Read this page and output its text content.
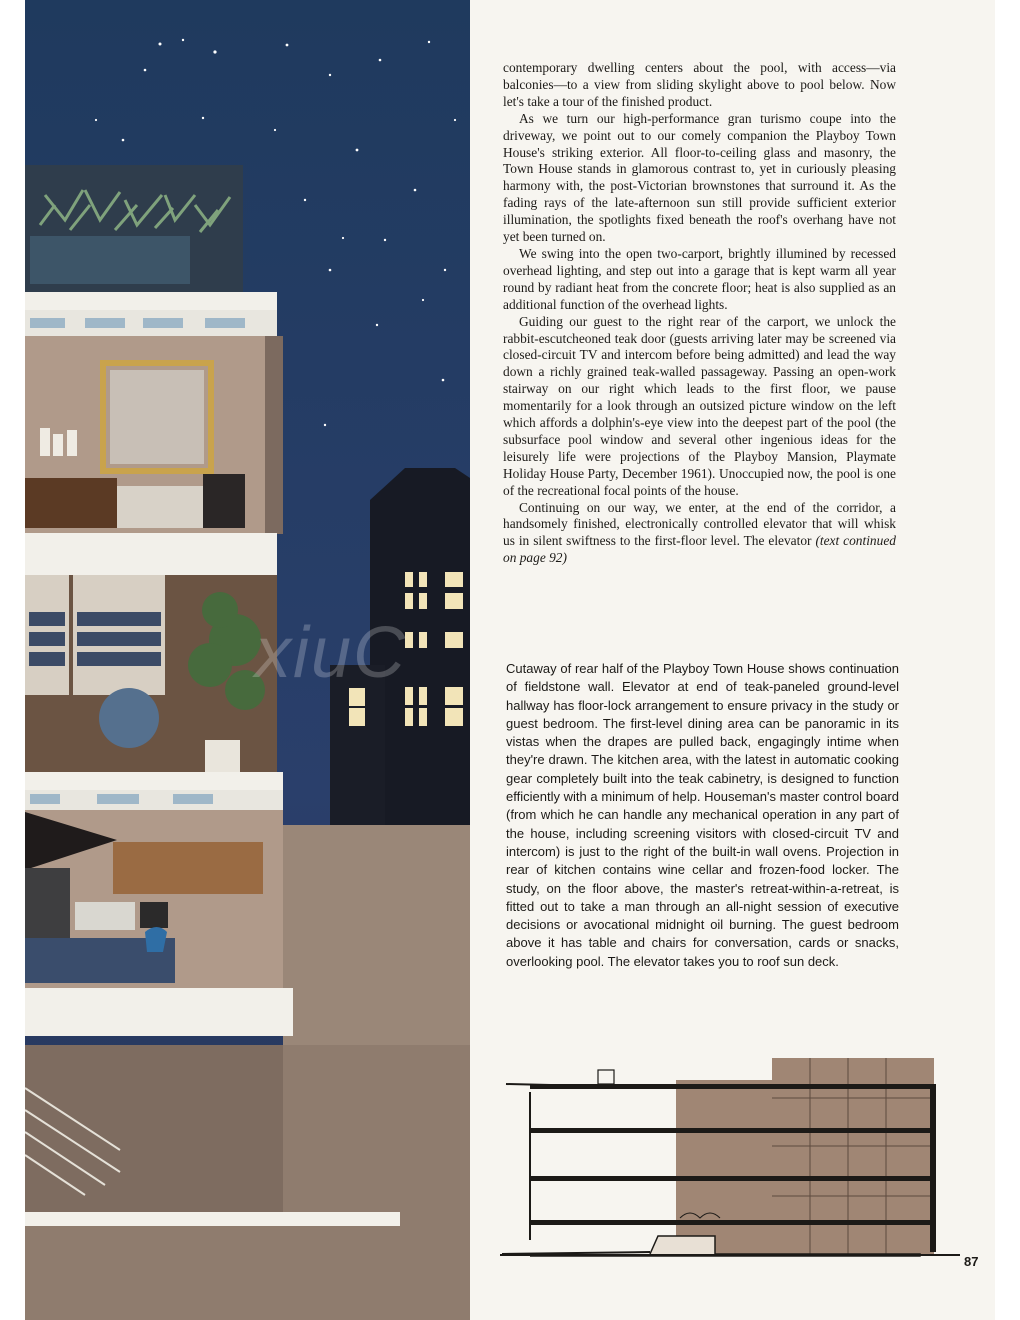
xiuC

contemporary dwelling centers about the pool, with access—via balconies—to a view from sliding skylight above to pool below. Now let's take a tour of the finished product.

As we turn our high-performance gran turismo coupe into the driveway, we point out to our comely companion the Playboy Town House's striking exterior. All floor-to-ceiling glass and masonry, the Town House stands in glamorous contrast to, yet in curiously pleasing harmony with, the post-Victorian brownstones that surround it. As the fading rays of the late-afternoon sun still provide sufficient exterior illumination, the spotlights fixed beneath the roof's overhang have not yet been turned on.

We swing into the open two-carport, brightly illumined by recessed overhead lighting, and step out into a garage that is kept warm all year round by radiant heat from the concrete floor; heat is also supplied as an additional function of the overhead lights.

Guiding our guest to the right rear of the carport, we unlock the rabbit-escutcheoned teak door (guests arriving later may be screened via closed-circuit TV and intercom before being admitted) and lead the way down a richly grained teak-walled passageway. Passing an open-work stairway on our right which leads to the first floor, we pause momentarily for a look through an outsized picture window on the left which affords a dolphin's-eye view into the deepest part of the pool (the subsurface pool window and several other ingenious ideas for the leisurely life were projections of the Playboy Mansion, Playmate Holiday House Party, December 1961). Unoccupied now, the pool is one of the recreational focal points of the house.

Continuing on our way, we enter, at the end of the corridor, a handsomely finished, electronically controlled elevator that will whisk us in silent swiftness to the first-floor level. The elevator (text continued on page 92)

Cutaway of rear half of the Playboy Town House shows continuation of fieldstone wall. Elevator at end of teak-paneled ground-level hallway has floor-lock arrangement to ensure privacy in the study or guest bedroom. The first-level dining area can be panoramic in its vistas when the drapes are pulled back, engagingly intime when they're drawn. The kitchen area, with the latest in automatic cooking gear completely built into the teak cabinetry, is designed to function efficiently with a minimum of help. Houseman's master control board (from which he can handle any mechanical operation in any part of the house, including screening visitors with closed-circuit TV and intercom) is just to the right of the built-in wall ovens. Projection in rear of kitchen contains wine cellar and frozen-food locker. The study, on the floor above, the master's retreat-within-a-retreat, is fitted out to take a man through an all-night session of executive decisions or avocational midnight oil burning. The guest bedroom above it has table and chairs for conversation, cards or snacks, overlooking pool. The elevator takes you to roof sun deck.
87
